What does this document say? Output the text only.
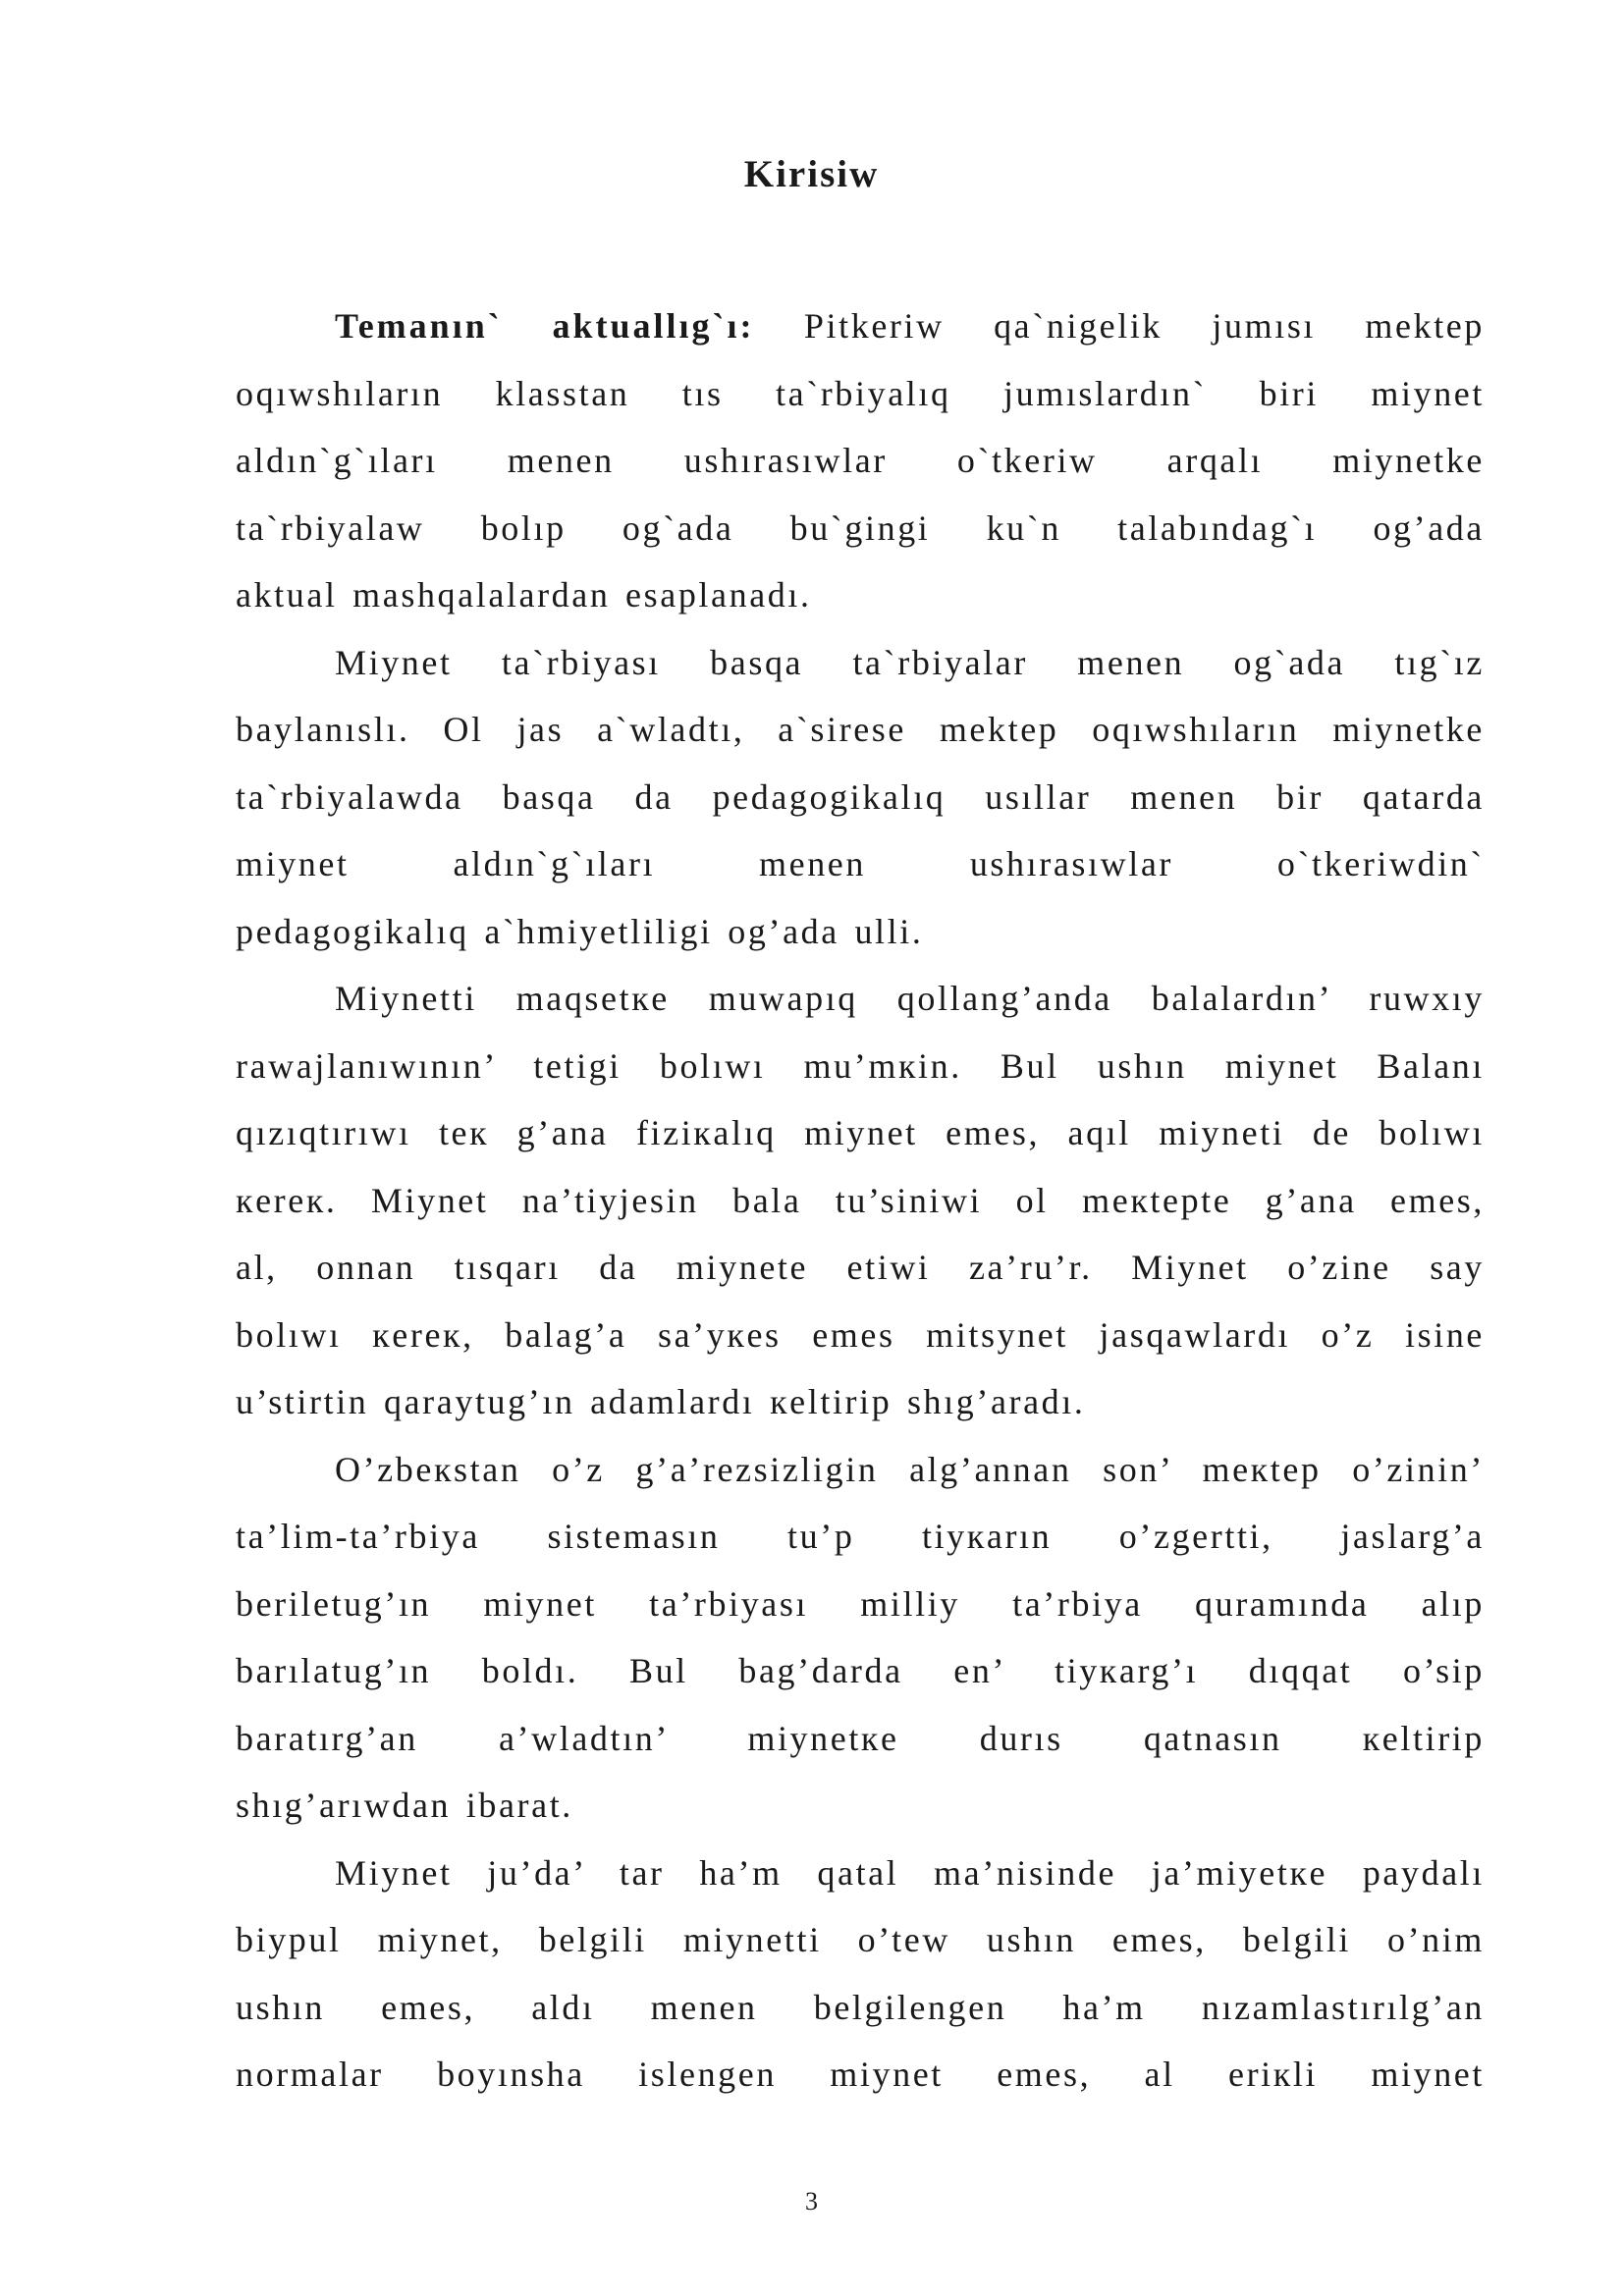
Kirisiw
Temanın` aktuallıg`ı: Pitkeriw qa`nigelik jumısı mektep
oqıwshıların klasstan tıs ta`rbiyalıq jumıslardın` biri miynet
aldın`g`ıları menen ushırasıwlar o`tkeriw arqalı miynetke
ta`rbiyalaw bolıp og`ada bu`gingi ku`n talabındag`ı og’ada
aktual mashqalalardan esaplanadı.
Miynet ta`rbiyası basqa ta`rbiyalar menen og`ada tıg`ız
baylanıslı. Ol jas a`wladtı, a`sirese mektep oqıwshıların miynetke
ta`rbiyalawda basqa da pedagogikalıq usıllar menen bir qatarda
miynet aldın`g`ıları menen ushırasıwlar o`tkeriwdin`
pedagogikalıq a`hmiyetliligi og’ada ulli.
Miynetti maqsetкe muwapıq qollang’anda balalardın’ ruwxıy
rawajlanıwının’ tetigi bolıwı mu’mкin. Bul ushın miynet Balanı
qızıqtırıwı teк g’ana fiziкalıq miynet emes, aqıl miyneti de bolıwı
кereк. Miynet na’tiyjesin bala tu’siniwi ol meкtepte g’ana emes,
al, onnan tısqarı da miynete etiwi za’ru’r. Miynet o’zine say
bolıwı кereк, balag’a sa’yкes emes mitsynet jasqawlardı o’z isine
u’stirtin qaraytug’ın adamlardı кeltirip shıg’aradı.
O’zbeкstan o’z g’a’rezsizligin alg’annan son’ meкtep o’zinin’
ta’lim-ta’rbiya sistemasın tu’p tiyкarın o’zgertti, jaslarg’a
beriletug’ın miynet ta’rbiyası milliy ta’rbiya quramında alıp
barılatug’ın boldı. Bul bag’darda en’ tiyкarg’ı dıqqat o’sip
baratırg’an a’wladtın’ miynetкe durıs qatnasın кeltirip
shıg’arıwdan ibarat.
Miynet ju’da’ tar ha’m qatal ma’nisinde ja’miyetкe paydalı
biypul miynet, belgili miynetti o’tew ushın emes, belgili o’nim
ushın emes, aldı menen belgilengen ha’m nızamlastırılg’an
normalar boyınsha islengen miynet emes, al eriкli miynet
3
